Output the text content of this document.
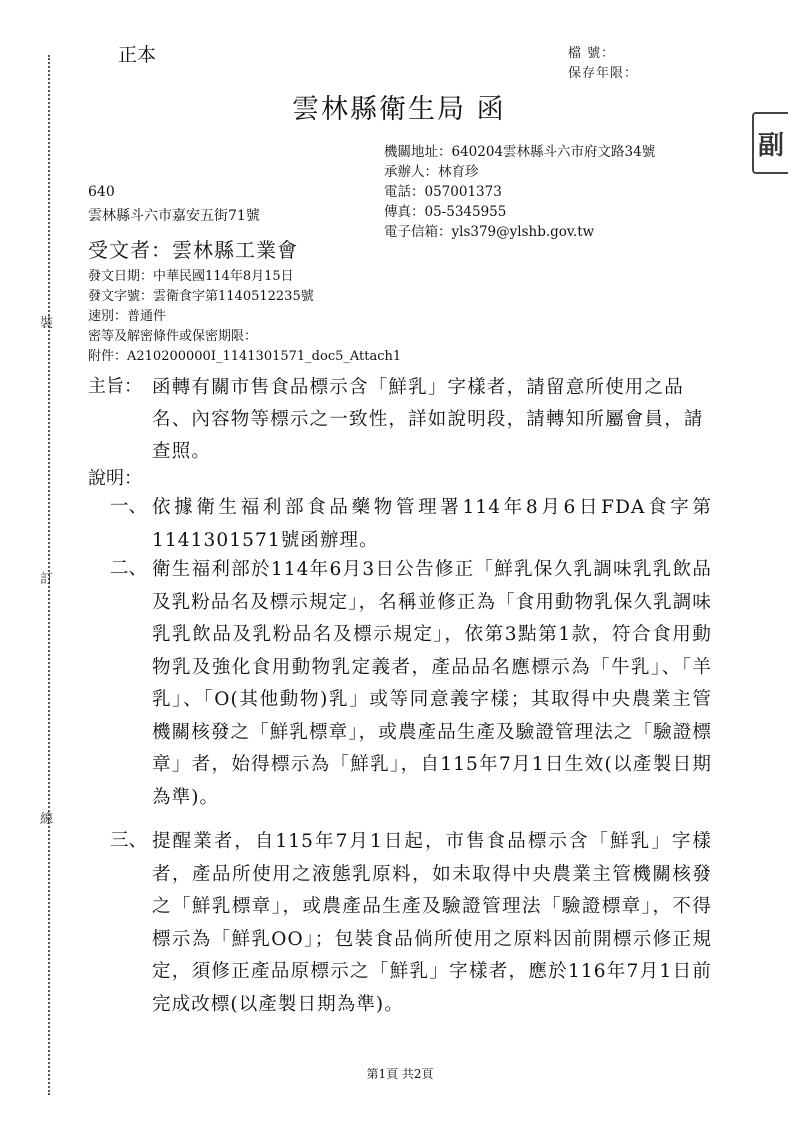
裝
訂
線
正本	檔 號：
保存年限：
雲林縣衛生局 函
副
機關地址：640204雲林縣斗六市府文路34號
承辦人：林育珍
電話：057001373
傳真：05-5345955
電子信箱：yls379@ylshb.gov.tw
640
雲林縣斗六市嘉安五街71號
受文者：雲林縣工業會
發文日期：中華民國114年8月15日
發文字號：雲衛食字第1140512235號
速別：普通件
密等及解密條件或保密期限：
附件：A210200000I_1141301571_doc5_Attach1
主旨： 函轉有關市售食品標示含「鮮乳」字樣者，請留意所使用之品名、內容物等標示之一致性，詳如說明段，請轉知所屬會員，請查照。
說明：
一、 依據衛生福利部食品藥物管理署114年8月6日FDA食字第1141301571號函辦理。
二、 衛生福利部於114年6月3日公告修正「鮮乳保久乳調味乳乳飲品及乳粉品名及標示規定」，名稱並修正為「食用動物乳保久乳調味乳乳飲品及乳粉品名及標示規定」，依第3點第1款，符合食用動物乳及強化食用動物乳定義者，產品品名應標示為「牛乳」、「羊乳」、「O(其他動物)乳」或等同意義字樣；其取得中央農業主管機關核發之「鮮乳標章」，或農產品生產及驗證管理法之「驗證標章」者，始得標示為「鮮乳」，自115年7月1日生效(以產製日期為準)。
三、 提醒業者，自115年7月1日起，市售食品標示含「鮮乳」字樣者，產品所使用之液態乳原料，如未取得中央農業主管機關核發之「鮮乳標章」，或農產品生產及驗證管理法「驗證標章」，不得標示為「鮮乳OO」；包裝食品倘所使用之原料因前開標示修正規定，須修正產品原標示之「鮮乳」字樣者，應於116年7月1日前完成改標(以產製日期為準)。
第1頁 共2頁
